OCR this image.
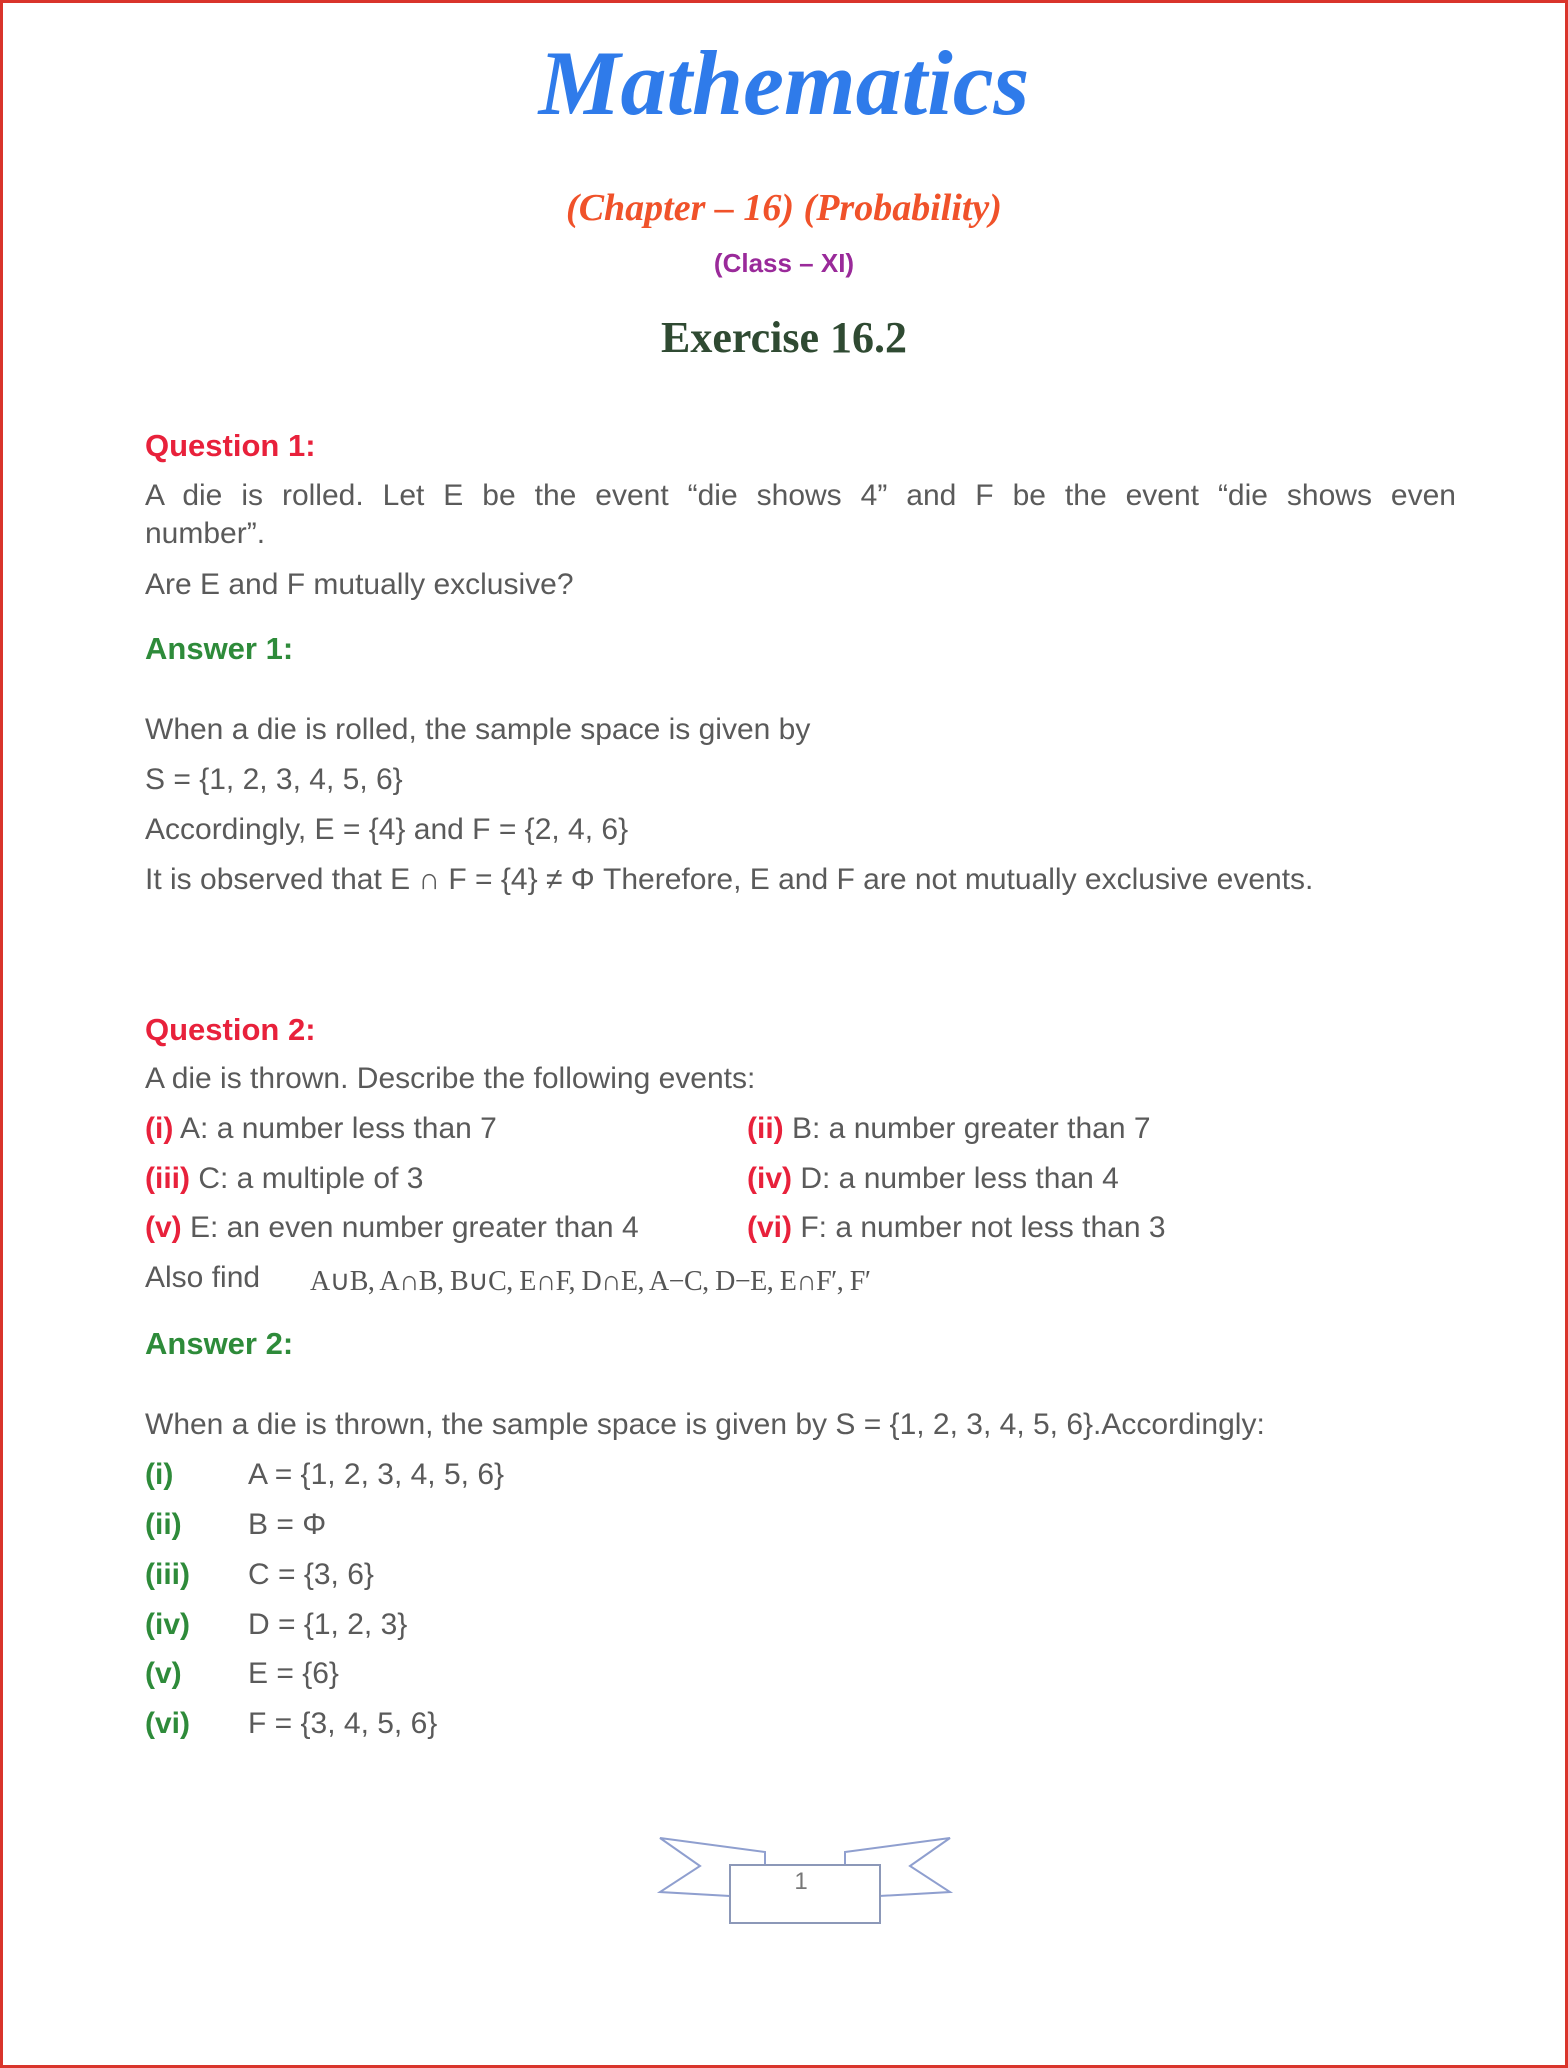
Mathematics
(Chapter – 16) (Probability)
(Class – XI)
Exercise 16.2
Question 1:
A die is rolled. Let E be the event “die shows 4” and F be the event “die shows even
number”.
Are E and F mutually exclusive?
Answer 1:
When a die is rolled, the sample space is given by
S = {1, 2, 3, 4, 5, 6}
Accordingly, E = {4} and F = {2, 4, 6}
It is observed that E ∩ F = {4} ≠ Φ Therefore, E and F are not mutually exclusive events.
Question 2:
A die is thrown. Describe the following events:
(i) A: a number less than 7	(ii) B: a number greater than 7
(iii) C: a multiple of 3	(iv) D: a number less than 4
(v) E: an even number greater than 4	(vi) F: a number not less than 3
Also find A∪B, A∩B, B∪C, E∩F, D∩E, A−C, D−E, E∩F′, F′
Answer 2:
When a die is thrown, the sample space is given by S = {1, 2, 3, 4, 5, 6}.Accordingly:
(i) A = {1, 2, 3, 4, 5, 6}
(ii) B = Φ
(iii) C = {3, 6}
(iv) D = {1, 2, 3}
(v) E = {6}
(vi) F = {3, 4, 5, 6}
1
